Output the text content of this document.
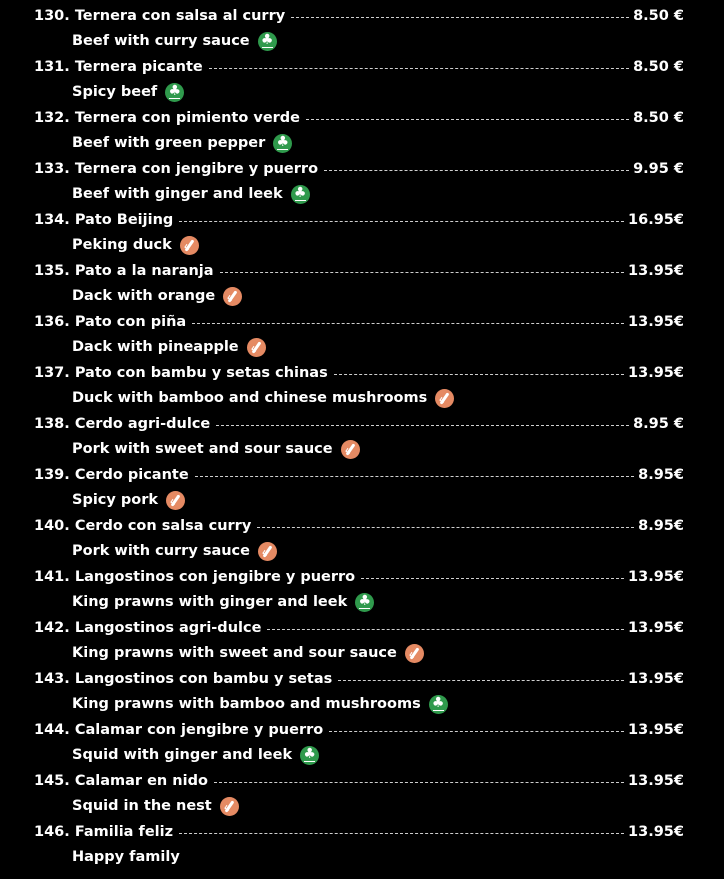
130. Ternera con salsa al curry	8.50 €
Beef with curry sauce
♣
131. Ternera picante	8.50 €
Spicy beef
♣
132. Ternera con pimiento verde	8.50 €
Beef with green pepper
♣
133. Ternera con jengibre y puerro	9.95 €
Beef with ginger and leek
♣
134. Pato Beijing	16.95€
Peking duck
135. Pato a la naranja	13.95€
Dack with orange
136. Pato con piña	13.95€
Dack with pineapple
137. Pato con bambu y setas chinas	13.95€
Duck with bamboo and chinese mushrooms
138. Cerdo agri-dulce	8.95 €
Pork with sweet and sour sauce
139. Cerdo picante	8.95€
Spicy pork
140. Cerdo con salsa curry	8.95€
Pork with curry sauce
141. Langostinos con jengibre y puerro	13.95€
King prawns with ginger and leek
♣
142. Langostinos agri-dulce	13.95€
King prawns with sweet and sour sauce
143. Langostinos con bambu y setas	13.95€
King prawns with bamboo and mushrooms
♣
144. Calamar con jengibre y puerro	13.95€
Squid with ginger and leek
♣
145. Calamar en nido	13.95€
Squid in the nest
146. Familia feliz	13.95€
Happy family
